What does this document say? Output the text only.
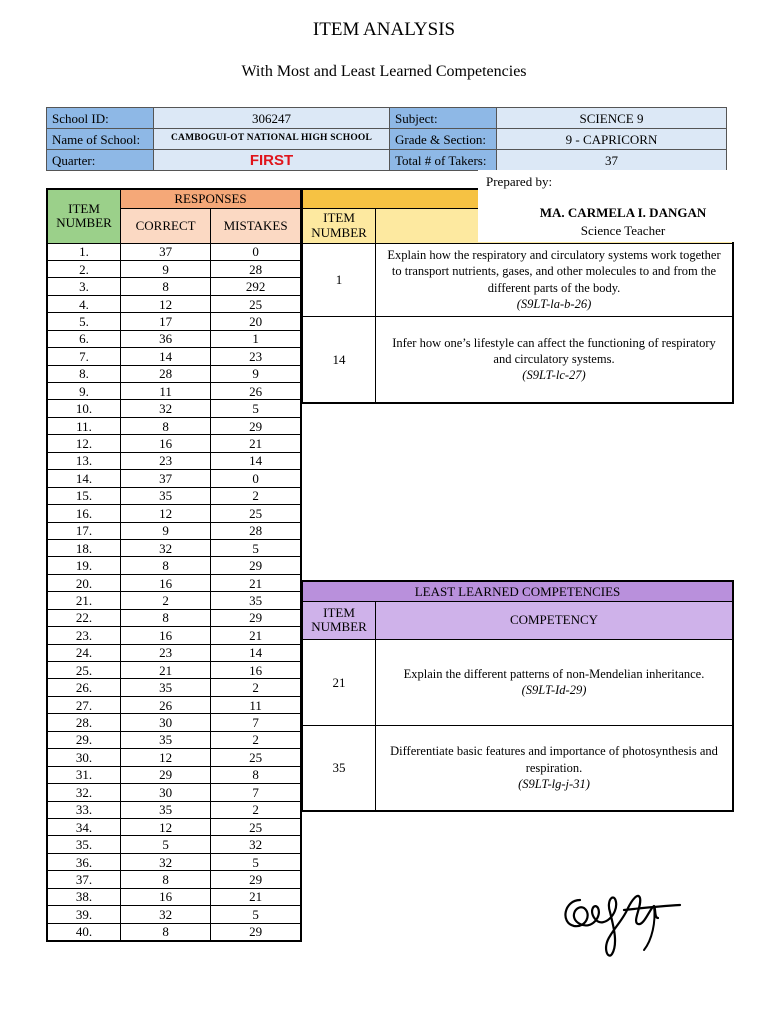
ITEM ANALYSIS
With Most and Least Learned Competencies
School ID:	306247	Subject:	SCIENCE 9
Name of School:	CAMBOGUI-OT NATIONAL HIGH SCHOOL	Grade & Section:	9 - CAPRICORN
Quarter:	FIRST	Total # of Takers:	37
ITEM NUMBER	RESPONSES	
	CORRECT	MISTAKES
1.	37	0
2.	9	28
3.	8	292
4.	12	25
5.	17	20
6.	36	1
7.	14	23
8.	28	9
9.	11	26
10.	32	5
11.	8	29
12.	16	21
13.	23	14
14.	37	0
15.	35	2
16.	12	25
17.	9	28
18.	32	5
19.	8	29
20.	16	21
21.	2	35
22.	8	29
23.	16	21
24.	23	14
25.	21	16
26.	35	2
27.	26	11
28.	30	7
29.	35	2
30.	12	25
31.	29	8
32.	30	7
33.	35	2
34.	12	25
35.	5	32
36.	32	5
37.	8	29
38.	16	21
39.	32	5
40.	8	29

ITEM NUMBER	
1	Explain how the respiratory and circulatory systems work together to transport nutrients, gases, and other molecules to and from the different parts of the body.
(S9LT-la-b-26)

14	Infer how one’s lifestyle can affect the functioning of respiratory and circulatory systems.
(S9LT-lc-27)
LEAST LEARNED COMPETENCIES	
ITEM NUMBER	COMPETENCY
21	Explain the different patterns of non-Mendelian inheritance.
(S9LT-Id-29)

35	Differentiate basic features and importance of photosynthesis and respiration.
(S9LT-lg-j-31)
Prepared by:
MA. CARMELA I. DANGAN
Science Teacher
